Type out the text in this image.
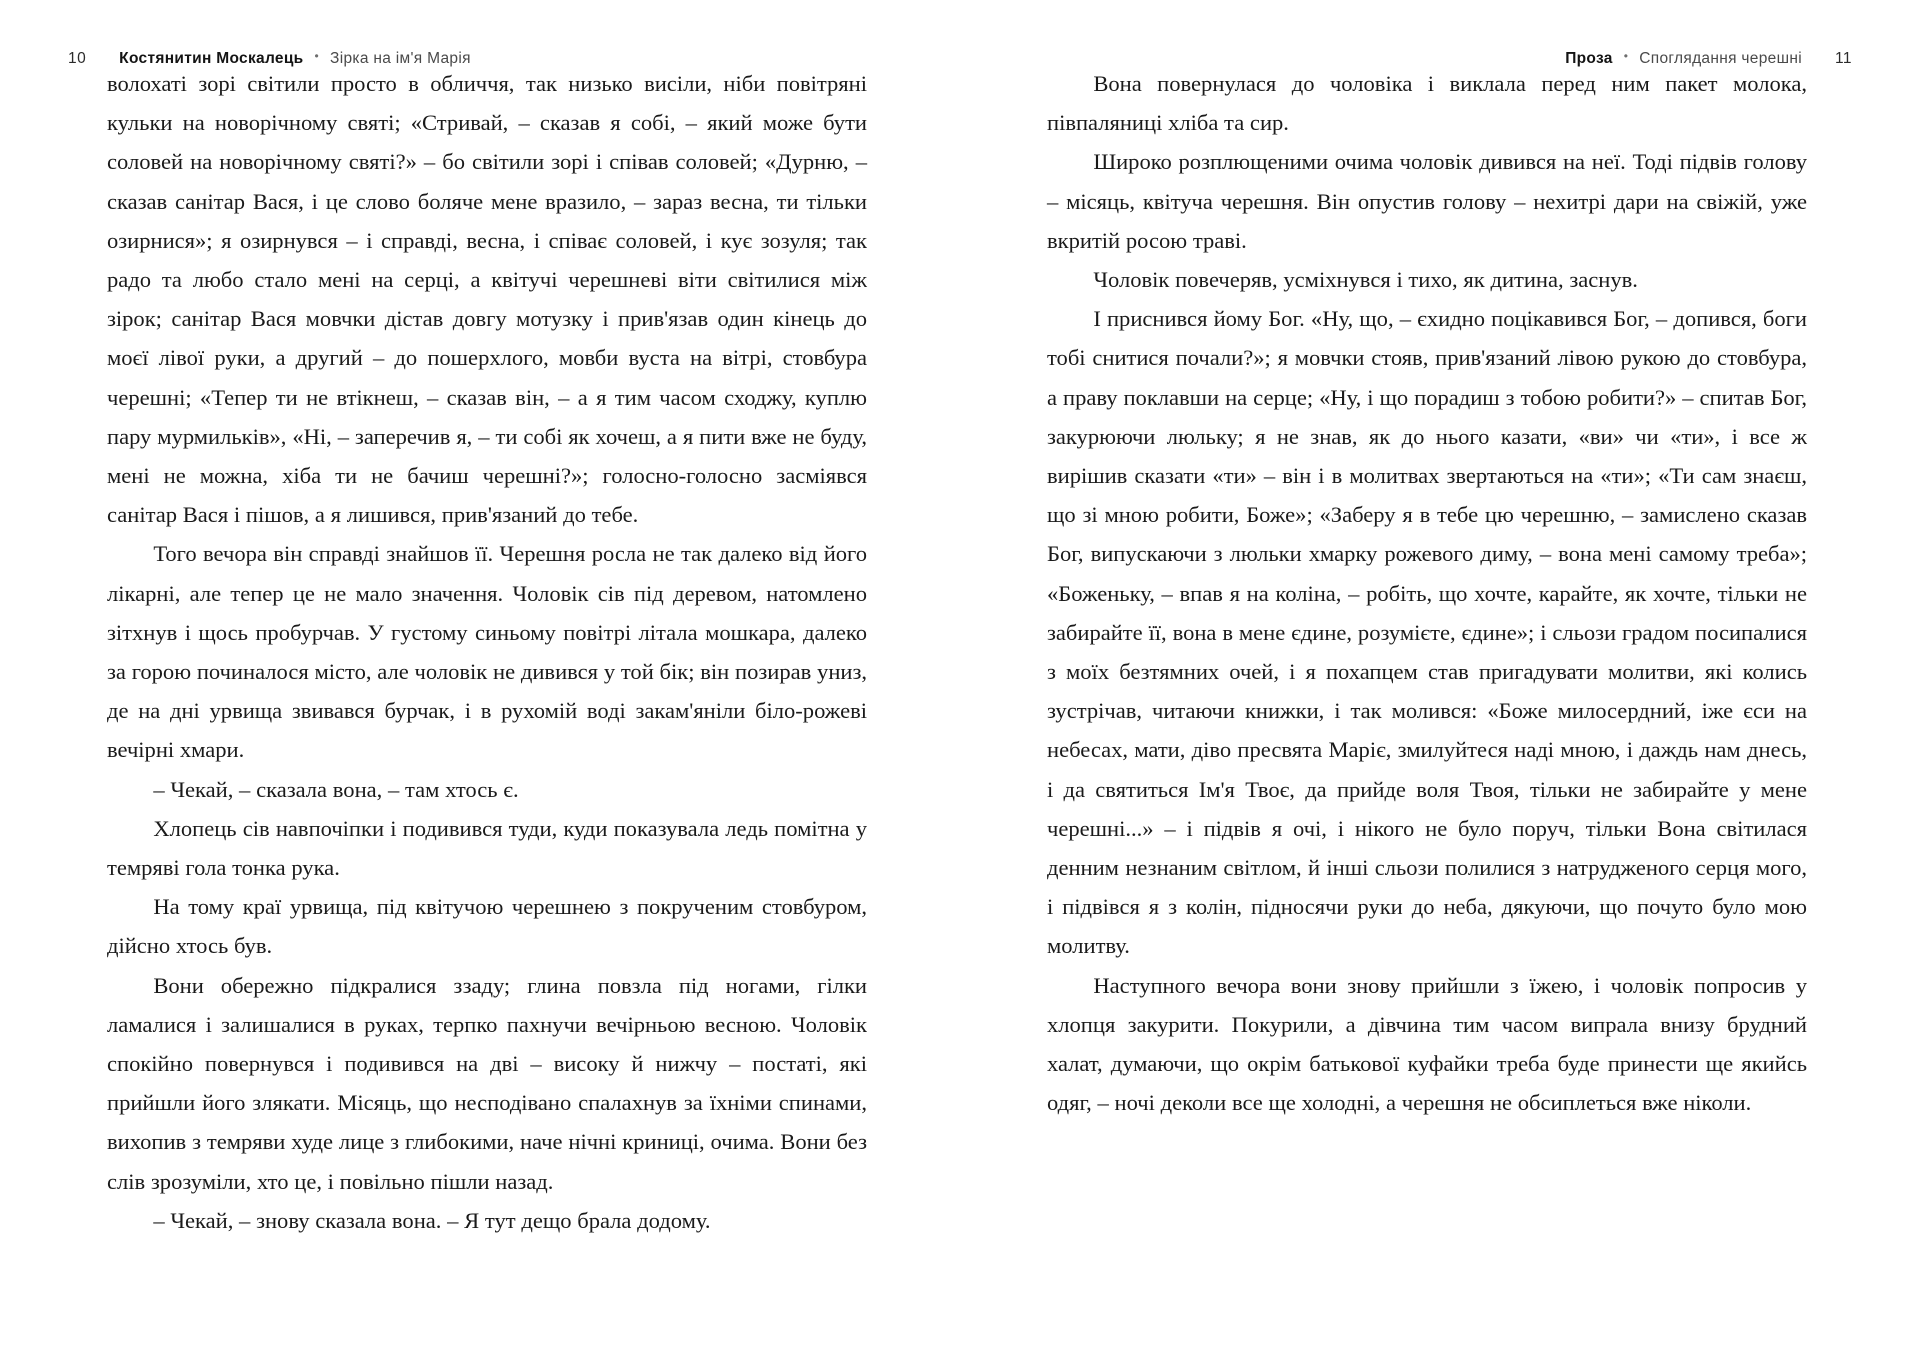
10 Костянитин Москалець • Зірка на ім'я Марія	Проза • Споглядання черешні 11

волохаті зорі світили просто в обличчя, так низько висіли, ніби повітряні кульки на новорічному святі; «Стривай, – сказав я собі, – який може бути соловей на новорічному святі?» – бо світили зорі і співав соловей; «Дурню, – сказав санітар Вася, і це слово боляче мене вразило, – зараз весна, ти тільки озирнися»; я озирнувся – і справді, весна, і співає соловей, і кує зозуля; так радо та любо стало мені на серці, а квітучі черешневі віти світилися між зірок; санітар Вася мовчки дістав довгу мотузку і прив'язав один кінець до моєї лівої руки, а другий – до пошерхлого, мовби вуста на вітрі, стовбура черешні; «Тепер ти не втікнеш, – сказав він, – а я тим часом сходжу, куплю пару мурмильків», «Ні, – заперечив я, – ти собі як хочеш, а я пити вже не буду, мені не можна, хіба ти не бачиш черешні?»; голосно-голосно засміявся санітар Вася і пішов, а я лишився, прив'язаний до тебе.

Того вечора він справді знайшов її. Черешня росла не так далеко від його лікарні, але тепер це не мало значення. Чоловік сів під деревом, натомлено зітхнув і щось пробурчав. У густому синьому повітрі літала мошкара, далеко за горою починалося місто, але чоловік не дивився у той бік; він позирав униз, де на дні урвища звивався бурчак, і в рухомій воді закам'яніли біло-рожеві вечірні хмари.

– Чекай, – сказала вона, – там хтось є.

Хлопець сів навпочіпки і подивився туди, куди показувала ледь помітна у темряві гола тонка рука.

На тому краї урвища, під квітучою черешнею з покрученим стовбуром, дійсно хтось був.

Вони обережно підкралися ззаду; глина повзла під ногами, гілки ламалися і залишалися в руках, терпко пахнучи вечірньою весною. Чоловік спокійно повернувся і подивився на дві – високу й нижчу – постаті, які прийшли його злякати. Місяць, що несподівано спалахнув за їхніми спинами, вихопив з темряви худе лице з глибокими, наче нічні криниці, очима. Вони без слів зрозуміли, хто це, і повільно пішли назад.

– Чекай, – знову сказала вона. – Я тут дещо брала додому.

Вона повернулася до чоловіка і виклала перед ним пакет молока, півпаляниці хліба та сир.

Широко розплющеними очима чоловік дивився на неї. Тоді підвів голову – місяць, квітуча черешня. Він опустив голову – нехитрі дари на свіжій, уже вкритій росою траві.

Чоловік повечеряв, усміхнувся і тихо, як дитина, заснув.

І приснився йому Бог. «Ну, що, – єхидно поцікавився Бог, – допився, боги тобі снитися почали?»; я мовчки стояв, прив'язаний лівою рукою до стовбура, а праву поклавши на серце; «Ну, і що порадиш з тобою робити?» – спитав Бог, закурюючи люльку; я не знав, як до нього казати, «ви» чи «ти», і все ж вирішив сказати «ти» – він і в молитвах звертаються на «ти»; «Ти сам знаєш, що зі мною робити, Боже»; «Заберу я в тебе цю черешню, – замислено сказав Бог, випускаючи з люльки хмарку рожевого диму, – вона мені самому треба»; «Боженьку, – впав я на коліна, – робіть, що хочте, карайте, як хочте, тільки не забирайте її, вона в мене єдине, розумієте, єдине»; і сльози градом посипалися з моїх безтямних очей, і я похапцем став пригадувати молитви, які колись зустрічав, читаючи книжки, і так молився: «Боже милосердний, іже єси на небесах, мати, діво пресвята Маріє, змилуйтеся наді мною, і даждь нам днесь, і да святиться Ім'я Твоє, да прийде воля Твоя, тільки не забирайте у мене черешні...» – і підвів я очі, і нікого не було поруч, тільки Вона світилася денним незнаним світлом, й інші сльози полилися з натрудженого серця мого, і підвівся я з колін, підносячи руки до неба, дякуючи, що почуто було мою молитву.

Наступного вечора вони знову прийшли з їжею, і чоловік попросив у хлопця закурити. Покурили, а дівчина тим часом випрала внизу брудний халат, думаючи, що окрім батькової куфайки треба буде принести ще якийсь одяг, – ночі деколи все ще холодні, а черешня не обсиплеться вже ніколи.
